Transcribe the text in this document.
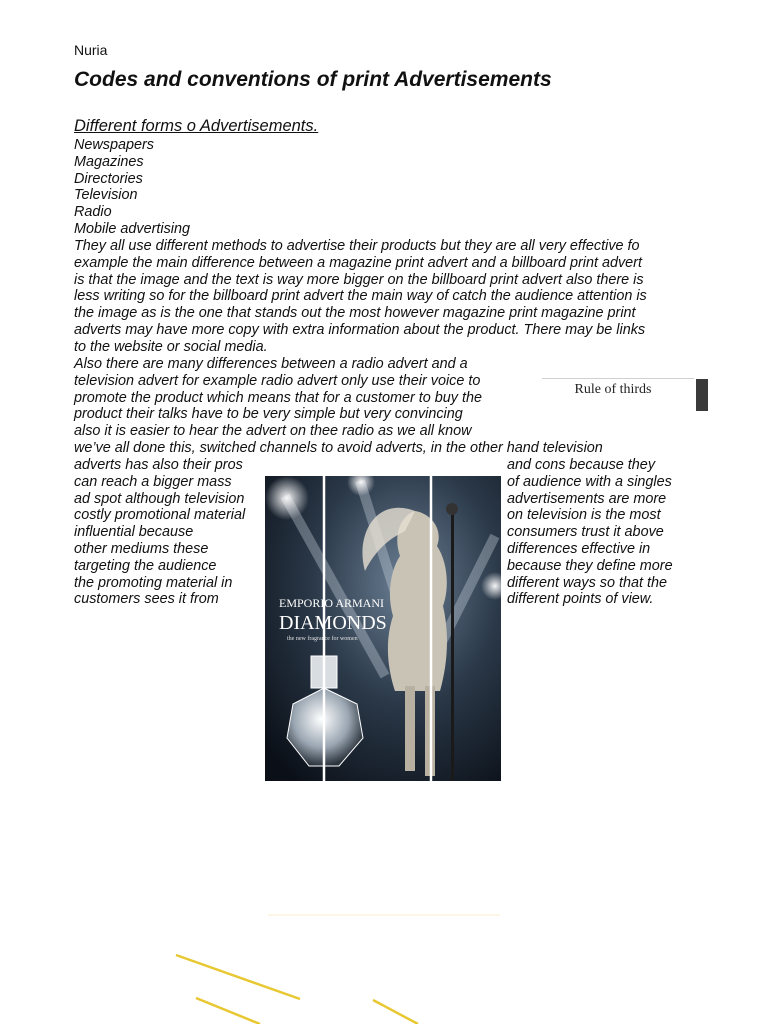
Nuria
Codes and conventions of print Advertisements
Different forms o Advertisements.
Newspapers
Magazines
Directories
Television
Radio
Mobile advertising
They all use different methods to advertise their products but they are all very effective fo
example the main difference between a magazine print advert and a billboard print advert
is that the image and the text is way more bigger on the billboard print advert also there is
less writing so for the billboard print advert the main way of catch the audience attention is
the image as is the one that stands out the most however magazine print magazine print
adverts may have more copy with extra information about the product. There may be links
to the website or social media.
Also there are many differences between a radio advert and a
television advert for example radio advert only use their voice to
promote the product which means that for a customer to buy the
product their talks have to be very simple but very convincing
also it is easier to hear the advert on thee radio as we all know
Rule of thirds
we’ve all done this, switched channels to avoid adverts, in the other hand television
adverts has also their pros
can reach a bigger mass
ad spot although television
costly promotional material
influential because
other mediums these
targeting the audience
the promoting material in
customers sees it from
and cons because they
of audience with a singles
advertisements are more
on television is the most
consumers trust it above
differences effective in
because they define more
different ways so that the
different points of view.
EMPORIO ARMANI
DIAMONDS
the new fragrance for women
